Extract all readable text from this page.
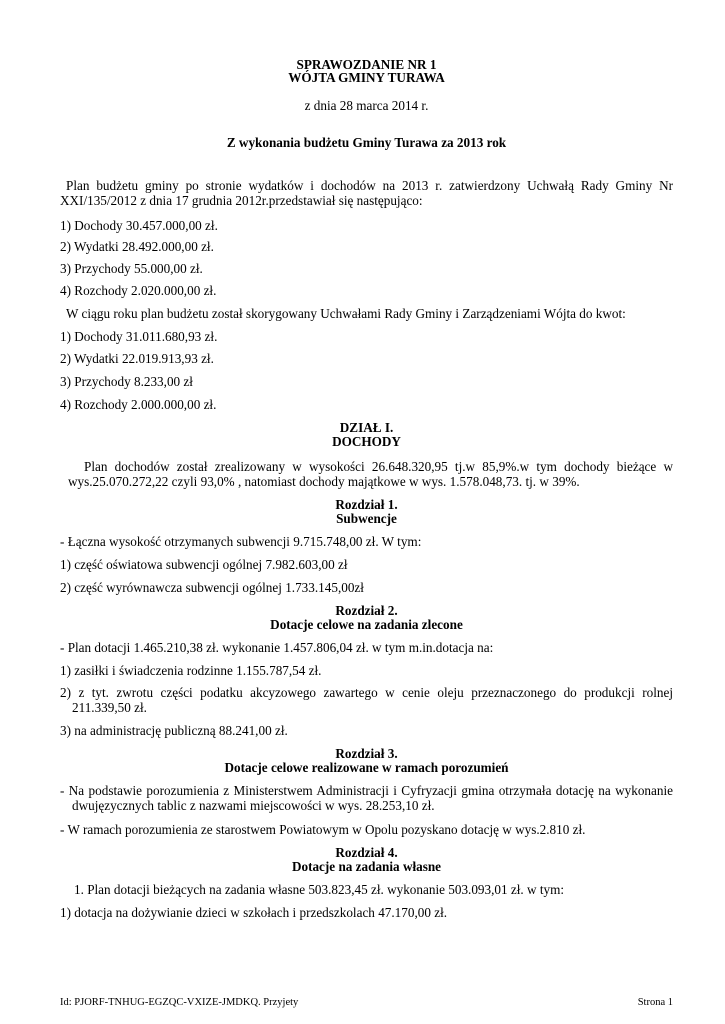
SPRAWOZDANIE NR 1
WÓJTA GMINY TURAWA
z dnia 28 marca 2014 r.
Z wykonania budżetu Gminy Turawa za 2013 rok
Plan budżetu gminy po stronie wydatków i dochodów na 2013 r. zatwierdzony Uchwałą Rady Gminy Nr XXI/135/2012 z dnia 17 grudnia 2012r.przedstawiał się następująco:
1) Dochody 30.457.000,00 zł.
2) Wydatki 28.492.000,00 zł.
3) Przychody 55.000,00 zł.
4) Rozchody 2.020.000,00 zł.
W ciągu roku plan budżetu został skorygowany Uchwałami Rady Gminy i Zarządzeniami Wójta do kwot:
1) Dochody 31.011.680,93 zł.
2) Wydatki 22.019.913,93 zł.
3) Przychody 8.233,00 zł
4) Rozchody 2.000.000,00 zł.
DZIAŁ I.
DOCHODY
Plan dochodów został zrealizowany w wysokości 26.648.320,95 tj.w 85,9%.w tym dochody bieżące w wys.25.070.272,22 czyli 93,0% , natomiast dochody majątkowe w wys. 1.578.048,73. tj. w 39%.
Rozdział 1.
Subwencje
- Łączna wysokość otrzymanych subwencji 9.715.748,00 zł. W tym:
1) część oświatowa subwencji ogólnej 7.982.603,00 zł
2) część wyrównawcza subwencji ogólnej 1.733.145,00zł
Rozdział 2.
Dotacje celowe na zadania zlecone
- Plan dotacji 1.465.210,38 zł. wykonanie 1.457.806,04 zł. w tym m.in.dotacja na:
1) zasiłki i świadczenia rodzinne 1.155.787,54 zł.
2) z tyt. zwrotu części podatku akcyzowego zawartego w cenie oleju przeznaczonego do produkcji rolnej 211.339,50 zł.
3) na administrację publiczną 88.241,00 zł.
Rozdział 3.
Dotacje celowe realizowane w ramach porozumień
- Na podstawie porozumienia z Ministerstwem Administracji i Cyfryzacji gmina otrzymała dotację na wykonanie dwujęzycznych tablic z nazwami miejscowości w wys. 28.253,10 zł.
- W ramach porozumienia ze starostwem Powiatowym w Opolu pozyskano dotację w wys.2.810 zł.
Rozdział 4.
Dotacje na zadania własne
1. Plan dotacji bieżących na zadania własne 503.823,45 zł. wykonanie 503.093,01 zł. w tym:
1) dotacja na dożywianie dzieci w szkołach i przedszkolach 47.170,00 zł.
Id: PJORF-TNHUG-EGZQC-VXIZE-JMDKQ. Przyjety	Strona 1
